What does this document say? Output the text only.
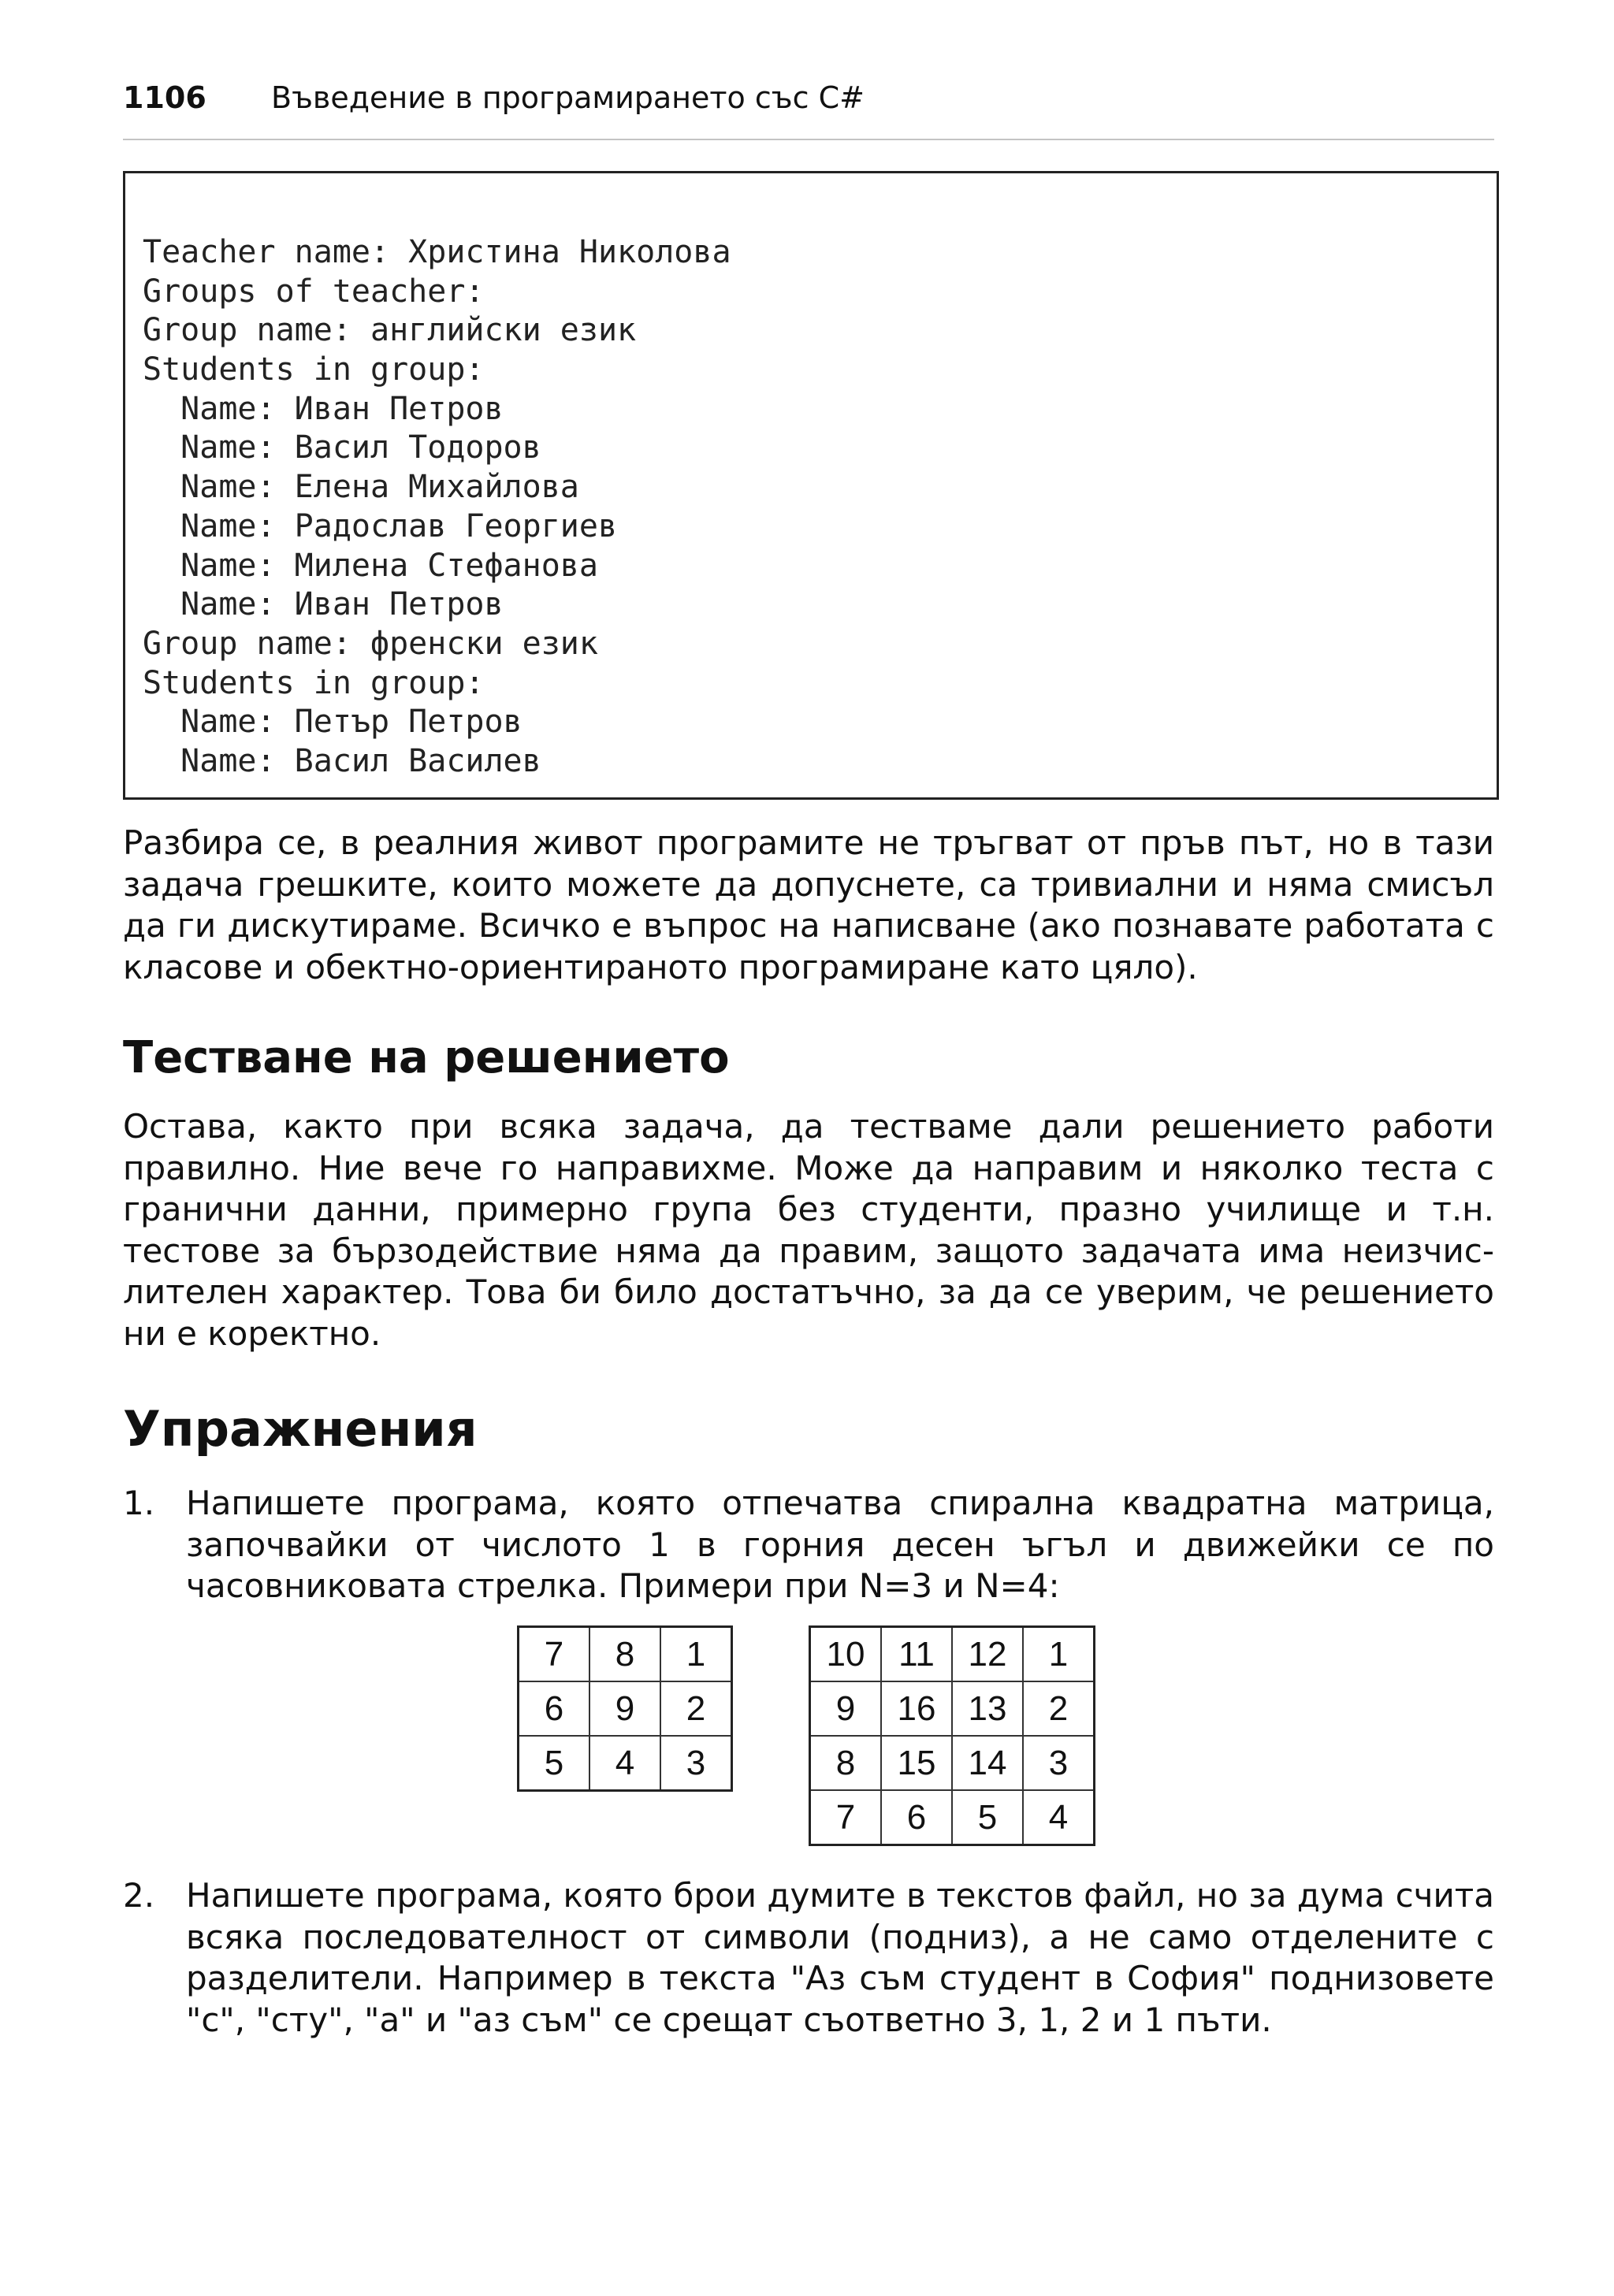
1106 Въведение в програмирането със C#
Teacher name: Христина Николова
Groups of teacher:
Group name: английски език
Students in group:
Name: Иван Петров
Name: Васил Тодоров
Name: Елена Михайлова
Name: Радослав Георгиев
Name: Милена Стефанова
Name: Иван Петров
Group name: френски език
Students in group:
Name: Петър Петров
Name: Васил Василев

Разбира се, в реалния живот програмите не тръгват от пръв път, но в тази задача грешките, които можете да допуснете, са тривиални и няма смисъл да ги дискутираме. Всичко е въпрос на написване (ако познавате работата с класове и обектно-ориентираното програмиране като цяло).

Тестване на решението

Остава, както при всяка задача, да тестваме дали решението работи правилно. Ние вече го направихме. Може да направим и няколко теста с гранични данни, примерно група без студенти, празно училище и т.н. тестове за бързодействие няма да правим, защото задачата има неизчислителен характер. Това би било достатъчно, за да се уверим, че решението ни е коректно.

Упражнения
1. Напишете програма, която отпечатва спирална квадратна матрица, започвайки от числото 1 в горния десен ъгъл и движейки се по часовниковата стрелка. Примери при N=3 и N=4:

7	8	1
6	9	2
5	4	3
10	11	12	1
9	16	13	2
8	15	14	3
7	6	5	4
2. Напишете програма, която брои думите в текстов файл, но за дума счита всяка последователност от символи (подниз), а не само отделените с разделители. Например в текста "Аз съм студент в София" поднизовете "с", "сту", "а" и "аз съм" се срещат съответно 3, 1, 2 и 1 пъти.
